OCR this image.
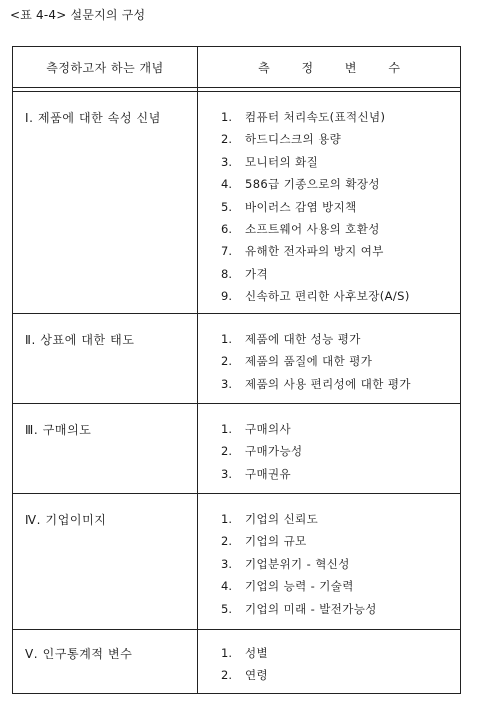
<표 4-4> 설문지의 구성
측정하고자 하는 개념	측 정 변 수
Ⅰ. 제품에 대한 속성 신념	1. 컴퓨터 처리속도(표적신념)
2. 하드디스크의 용량
3. 모니터의 화질
4. 586급 기종으로의 확장성
5. 바이러스 감염 방지책
6. 소프트웨어 사용의 호환성
7. 유해한 전자파의 방지 여부
8. 가격
9. 신속하고 편리한 사후보장(A/S)
Ⅱ. 상표에 대한 태도	1. 제품에 대한 성능 평가
2. 제품의 품질에 대한 평가
3. 제품의 사용 편리성에 대한 평가
Ⅲ. 구매의도	1. 구매의사
2. 구매가능성
3. 구매권유
Ⅳ. 기업이미지	1. 기업의 신뢰도
2. 기업의 규모
3. 기업분위기 - 혁신성
4. 기업의 능력 - 기술력
5. 기업의 미래 - 발전가능성
Ⅴ. 인구통계적 변수	1. 성별
2. 연령
